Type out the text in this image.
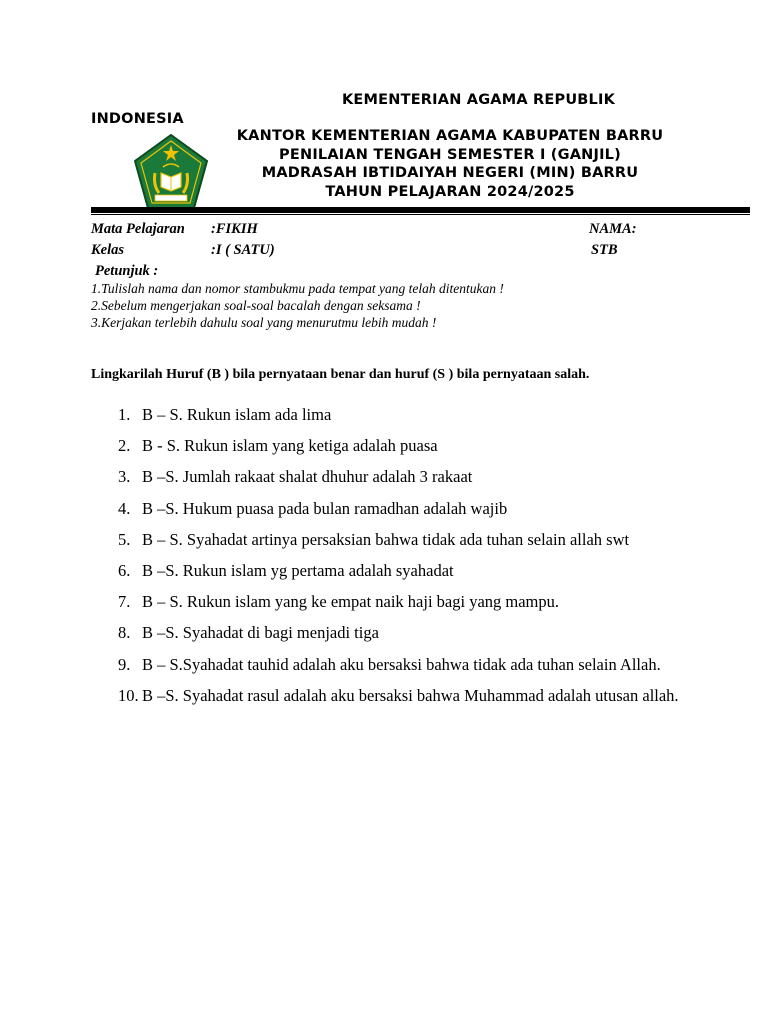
KEMENTERIAN AGAMA REPUBLIK
INDONESIA
KANTOR KEMENTERIAN AGAMA KABUPATEN BARRU
PENILAIAN TENGAH SEMESTER I (GANJIL)
MADRASAH IBTIDAIYAH NEGERI (MIN) BARRU
TAHUN PELAJARAN 2024/2025
Mata Pelajaran :FIKIH	NAMA:
Kelas	:I ( SATU)	STB
Petunjuk :
1.Tulislah nama dan nomor stambukmu pada tempat yang telah ditentukan !
2.Sebelum mengerjakan soal-soal bacalah dengan seksama !
3.Kerjakan terlebih dahulu soal yang menurutmu lebih mudah !
Lingkarilah Huruf (B ) bila pernyataan benar dan huruf (S ) bila pernyataan salah.
1. B – S. Rukun islam ada lima
2. B - S. Rukun islam yang ketiga adalah puasa
3. B –S. Jumlah rakaat shalat dhuhur adalah 3 rakaat
4. B –S. Hukum puasa pada bulan ramadhan adalah wajib
5. B – S. Syahadat artinya persaksian bahwa tidak ada tuhan selain allah swt
6. B –S. Rukun islam yg pertama adalah syahadat
7. B – S. Rukun islam yang ke empat naik haji bagi yang mampu.
8. B –S. Syahadat di bagi menjadi tiga
9. B – S.Syahadat tauhid adalah aku bersaksi bahwa tidak ada tuhan selain Allah.
10. B –S. Syahadat rasul adalah aku bersaksi bahwa Muhammad adalah utusan allah.
